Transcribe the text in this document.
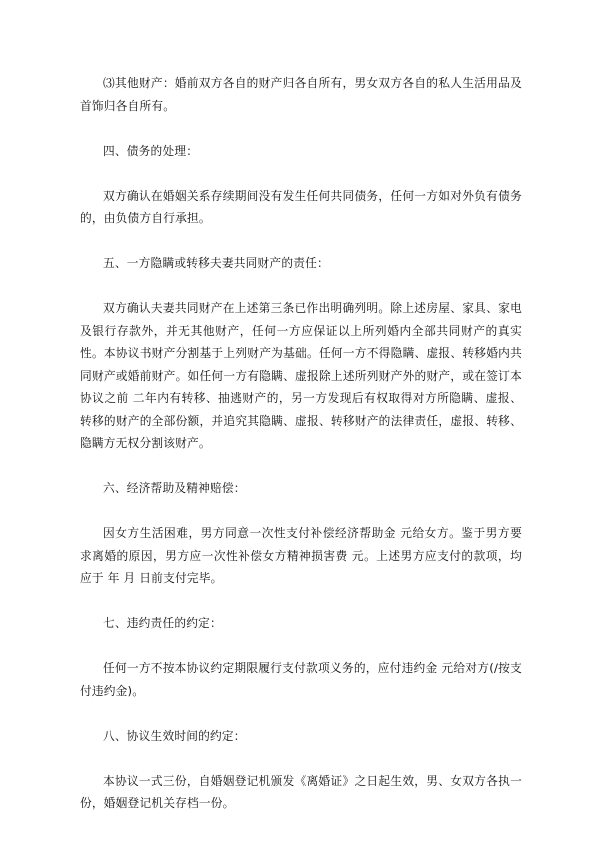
⑶其他财产：婚前双方各自的财产归各自所有，男女双方各自的私人生活用品及首饰归各自所有。

四、债务的处理：

双方确认在婚姻关系存续期间没有发生任何共同债务，任何一方如对外负有债务的，由负债方自行承担。

五、一方隐瞒或转移夫妻共同财产的责任：

双方确认夫妻共同财产在上述第三条已作出明确列明。除上述房屋、家具、家电及银行存款外，并无其他财产，任何一方应保证以上所列婚内全部共同财产的真实性。本协议书财产分割基于上列财产为基础。任何一方不得隐瞒、虚报、转移婚内共同财产或婚前财产。如任何一方有隐瞒、虚报除上述所列财产外的财产，或在签订本协议之前 二年内有转移、抽逃财产的，另一方发现后有权取得对方所隐瞒、虚报、转移的财产的全部份额，并追究其隐瞒、虚报、转移财产的法律责任，虚报、转移、隐瞒方无权分割该财产。

六、经济帮助及精神赔偿：

因女方生活困难，男方同意一次性支付补偿经济帮助金 元给女方。鉴于男方要求离婚的原因，男方应一次性补偿女方精神损害费 元。上述男方应支付的款项，均应于 年 月 日前支付完毕。

七、违约责任的约定：

任何一方不按本协议约定期限履行支付款项义务的，应付违约金 元给对方(/按支付违约金)。

八、协议生效时间的约定：

本协议一式三份，自婚姻登记机颁发《离婚证》之日起生效，男、女双方各执一份，婚姻登记机关存档一份。
